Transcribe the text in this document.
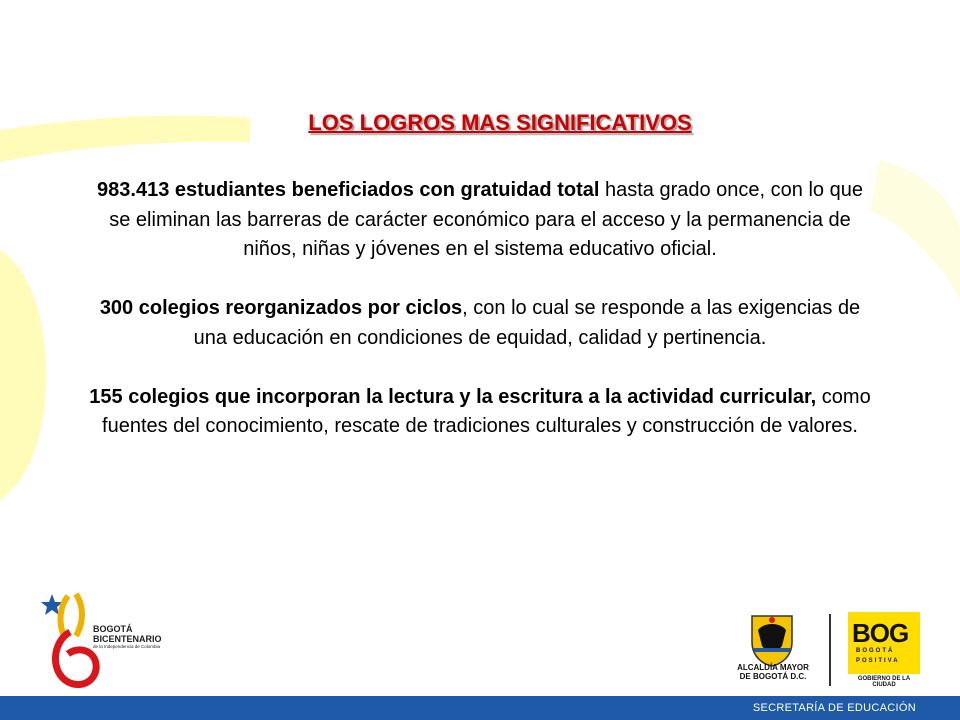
LOS LOGROS MAS SIGNIFICATIVOS

983.413 estudiantes beneficiados con gratuidad total hasta grado once, con lo que se eliminan las barreras de carácter económico para el acceso y la permanencia de niños, niñas y jóvenes en el sistema educativo oficial.

300 colegios reorganizados por ciclos, con lo cual se responde a las exigencias de una educación en condiciones de equidad, calidad y pertinencia.

155 colegios que incorporan la lectura y la escritura a la actividad curricular, como fuentes del conocimiento, rescate de tradiciones culturales y construcción de valores.

BOGOTÁ
BICENTENARIO
de la Independencia de Colombia
ALCALDÍA MAYOR
DE BOGOTÁ D.C.
BOG
BOGOTÁ
POSITIVA
GOBIERNO DE LA CIUDAD
SECRETARÍA DE EDUCACIÓN
